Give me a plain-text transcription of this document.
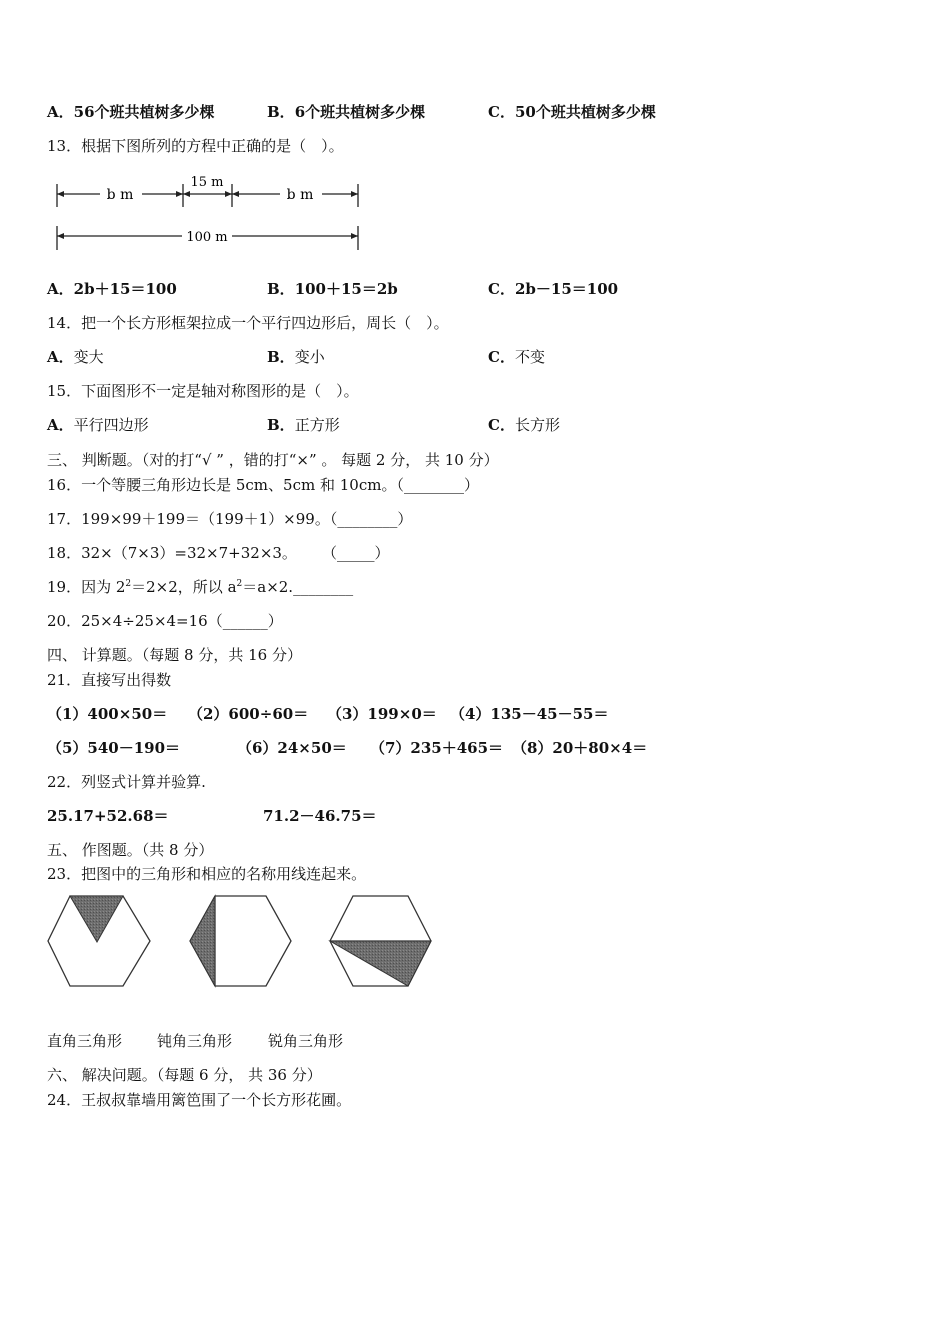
A．56个班共植树多少棵	B．6个班共植树多少棵	C．50个班共植树多少棵
13．根据下图所列的方程中正确的是（　）。
b m
15 m
b m
100 m
A．2b＋15＝100	B．100＋15＝2b	C．2b－15＝100
14．把一个长方形框架拉成一个平行四边形后，周长（　）。
A．变大	B．变小	C．不变
15．下面图形不一定是轴对称图形的是（　）。
A．平行四边形	B．正方形	C．长方形
三、 判断题。（对的打“√ ” ，错的打“×” 。 每题 2 分， 共 10 分）
16．一个等腰三角形边长是 5cm、5cm 和 10cm。（________）
17．199×99＋199＝（199＋1）×99。（________）
18．32×（7×3）=32×7+32×3。 （_____）
19．因为 $2^2=2\times 2$，所以 $a^2=a\times 2.\_\_\_\_\_\_\_\_$
20．25×4÷25×4=16（______）
四、 计算题。（每题 8 分，共 16 分）
21．直接写出得数
（1）400×50＝ （2）600÷60＝ （3）199×0＝ （4）135－45－55＝
（5）540－190＝	（6）24×50＝ （7）235＋465＝ （8）20＋80×4＝
22．列竖式计算并验算.
25.17+52.68＝	71.2－46.75＝
五、 作图题。（共 8 分）
23．把图中的三角形和相应的名称用线连起来。
直角三角形 钝角三角形 锐角三角形
六、 解决问题。（每题 6 分， 共 36 分）
24．王叔叔靠墙用篱笆围了一个长方形花圃。
